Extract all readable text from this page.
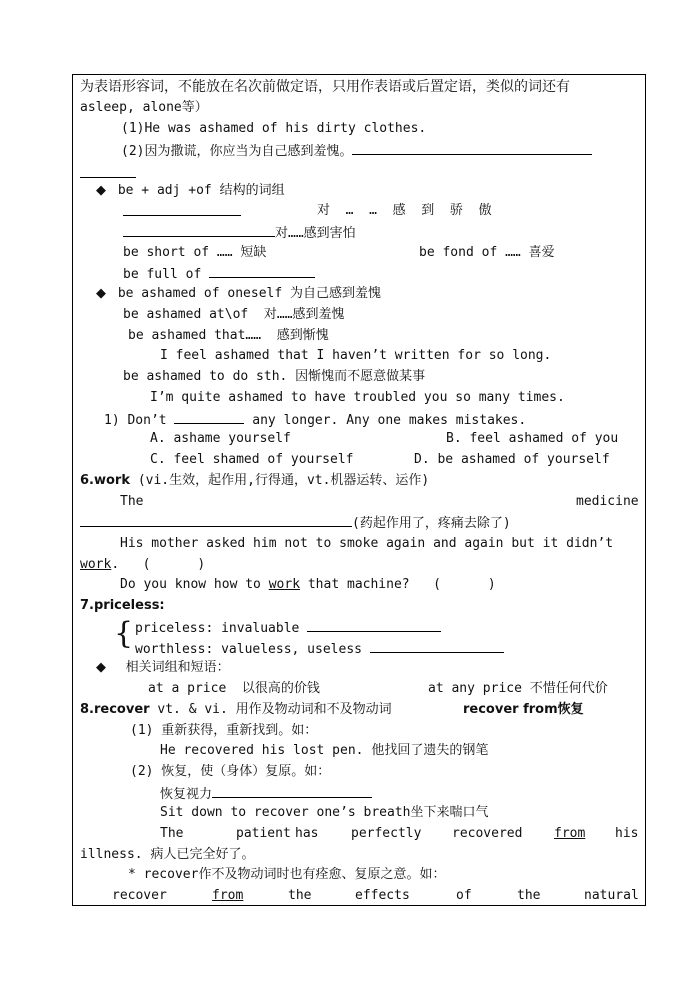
为表语形容词，不能放在名次前做定语，只用作表语或后置定语，类似的词还有
asleep, alone等）
(1)He was ashamed of his dirty clothes.
(2)因为撒谎，你应当为自己感到羞愧。
◆ be + adj +of 结构的词组
对  …  …  感  到  骄  傲
对……感到害怕
be short of …… 短缺	be fond of …… 喜爱
be full of
◆ be ashamed of oneself 为自己感到羞愧
be ashamed at\of  对……感到羞愧
be ashamed that……  感到惭愧
I feel ashamed that I haven’t written for so long.
be ashamed to do sth. 因惭愧而不愿意做某事
I’m quite ashamed to have troubled you so many times.
1) Don’t	any longer. Any one makes mistakes.
A. ashame yourself	B. feel ashamed of you
C. feel shamed of yourself	D. be ashamed of yourself
6.work (vi.生效，起作用,行得通，vt.机器运转、运作)
The	medicine
(药起作用了，疼痛去除了)
His mother asked him not to smoke again and again but it didn’t
work.   (      )
Do you know how to work that machine?   (      )
7.priceless:
{ priceless: invaluable
worthless: valueless, useless
◆ 相关词组和短语：
at a price  以很高的价钱	at any price 不惜任何代价
8.recover vt. & vi. 用作及物动词和不及物动词	recover from恢复
(1) 重新获得，重新找到。如：
He recovered his lost pen. 他找回了遗失的钢笔
(2) 恢复，使（身体）复原。如：
恢复视力
Sit down to recover one’s breath坐下来喘口气
The	patient has	perfectly recovered from his
illness. 病人已完全好了。
* recover作不及物动词时也有痊愈、复原之意。如：
recover	from	the	effects	of	the	natural
